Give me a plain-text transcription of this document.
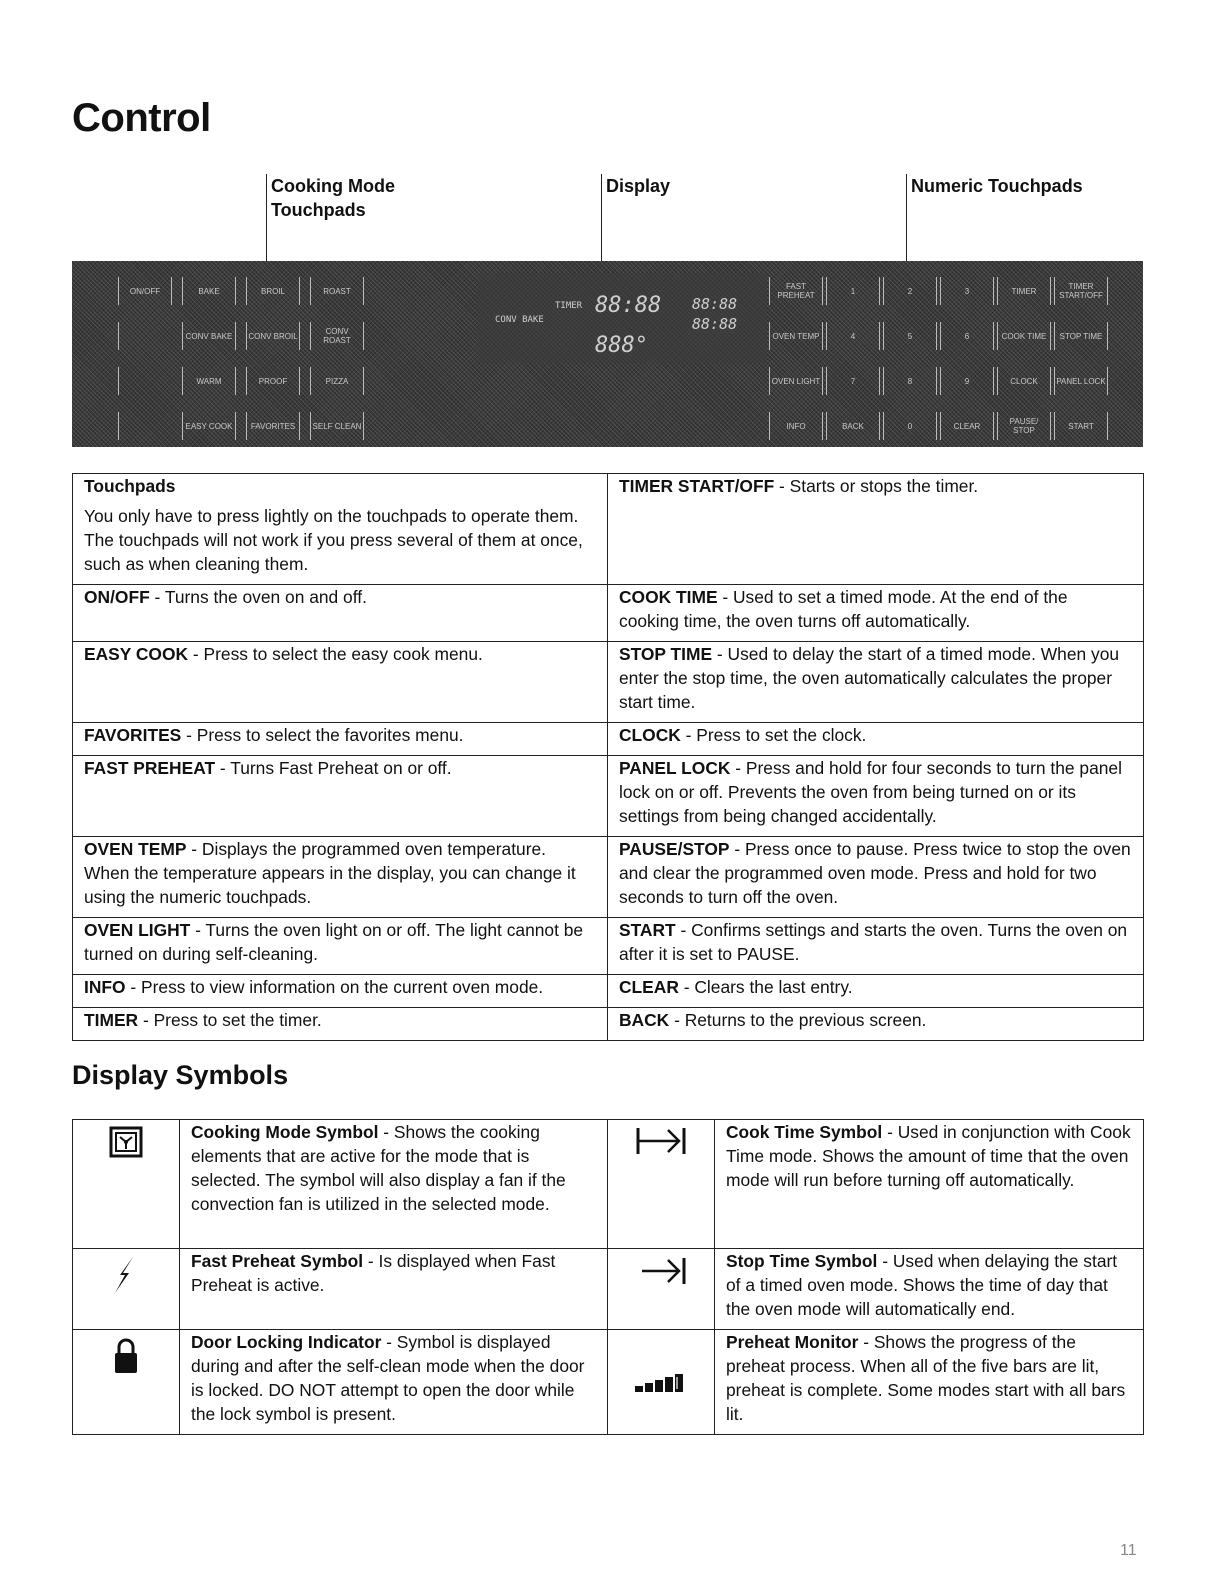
Control
Cooking Mode
Touchpads
Display	Numeric Touchpads
ON/OFF	BAKE	BROIL	ROAST
CONV BAKE	CONV BROIL	CONV ROAST
WARM	PROOF	PIZZA
EASY COOK	FAVORITES	SELF CLEAN
FAST PREHEAT	1	2	3	TIMER	TIMER START/OFF
OVEN TEMP	4	5	6	COOK TIME	STOP TIME
OVEN LIGHT	7	8	9	CLOCK	PANEL LOCK
INFO	BACK	0	CLEAR	PAUSE/ STOP	START
CONV BAKE
TIMER 88:88 88:88
88:88
888°
Touchpads
You only have to press lightly on the touchpads to operate them. The touchpads will not work if you press several of them at once, such as when cleaning them.	TIMER START/OFF - Starts or stops the timer.
ON/OFF - Turns the oven on and off.	COOK TIME - Used to set a timed mode. At the end of the cooking time, the oven turns off automatically.
EASY COOK - Press to select the easy cook menu.	STOP TIME - Used to delay the start of a timed mode. When you enter the stop time, the oven automatically calculates the proper start time.
FAVORITES - Press to select the favorites menu.	CLOCK - Press to set the clock.
FAST PREHEAT - Turns Fast Preheat on or off.	PANEL LOCK - Press and hold for four seconds to turn the panel lock on or off. Prevents the oven from being turned on or its settings from being changed accidentally.
OVEN TEMP - Displays the programmed oven temperature. When the temperature appears in the display, you can change it using the numeric touchpads.	PAUSE/STOP - Press once to pause. Press twice to stop the oven and clear the programmed oven mode. Press and hold for two seconds to turn off the oven.
OVEN LIGHT - Turns the oven light on or off. The light cannot be turned on during self-cleaning.	START - Confirms settings and starts the oven. Turns the oven on after it is set to PAUSE.
INFO - Press to view information on the current oven mode.	CLEAR - Clears the last entry.
TIMER - Press to set the timer.	BACK - Returns to the previous screen.
Display Symbols
	Cooking Mode Symbol - Shows the cooking elements that are active for the mode that is selected. The symbol will also display a fan if the convection fan is utilized in the selected mode.		Cook Time Symbol - Used in conjunction with Cook Time mode. Shows the amount of time that the oven mode will run before turning off automatically.
	Fast Preheat Symbol - Is displayed when Fast Preheat is active.		Stop Time Symbol - Used when delaying the start of a timed oven mode. Shows the time of day that the oven mode will automatically end.
	Door Locking Indicator - Symbol is displayed during and after the self-clean mode when the door is locked. DO NOT attempt to open the door while the lock symbol is present.		Preheat Monitor - Shows the progress of the preheat process. When all of the five bars are lit, preheat is complete. Some modes start with all bars lit.
11
